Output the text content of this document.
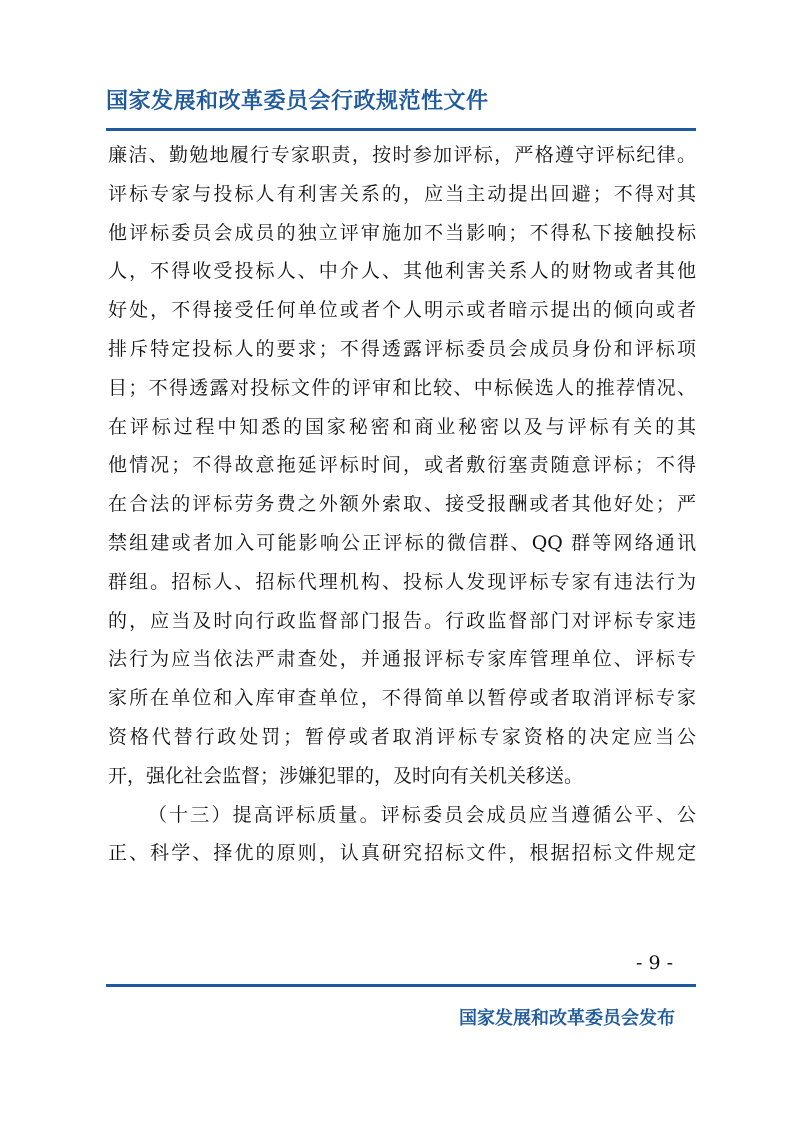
国家发展和改革委员会行政规范性文件
廉洁、勤勉地履行专家职责，按时参加评标，严格遵守评标纪律。
评标专家与投标人有利害关系的，应当主动提出回避；不得对其
他评标委员会成员的独立评审施加不当影响；不得私下接触投标
人，不得收受投标人、中介人、其他利害关系人的财物或者其他
好处，不得接受任何单位或者个人明示或者暗示提出的倾向或者
排斥特定投标人的要求；不得透露评标委员会成员身份和评标项
目；不得透露对投标文件的评审和比较、中标候选人的推荐情况、
在评标过程中知悉的国家秘密和商业秘密以及与评标有关的其
他情况；不得故意拖延评标时间，或者敷衍塞责随意评标；不得
在合法的评标劳务费之外额外索取、接受报酬或者其他好处；严
禁组建或者加入可能影响公正评标的微信群、QQ 群等网络通讯
群组。招标人、招标代理机构、投标人发现评标专家有违法行为
的，应当及时向行政监督部门报告。行政监督部门对评标专家违
法行为应当依法严肃查处，并通报评标专家库管理单位、评标专
家所在单位和入库审查单位，不得简单以暂停或者取消评标专家
资格代替行政处罚；暂停或者取消评标专家资格的决定应当公
开，强化社会监督；涉嫌犯罪的，及时向有关机关移送。
（十三）提高评标质量。评标委员会成员应当遵循公平、公
正、科学、择优的原则，认真研究招标文件，根据招标文件规定
- 9 -
国家发展和改革委员会发布
